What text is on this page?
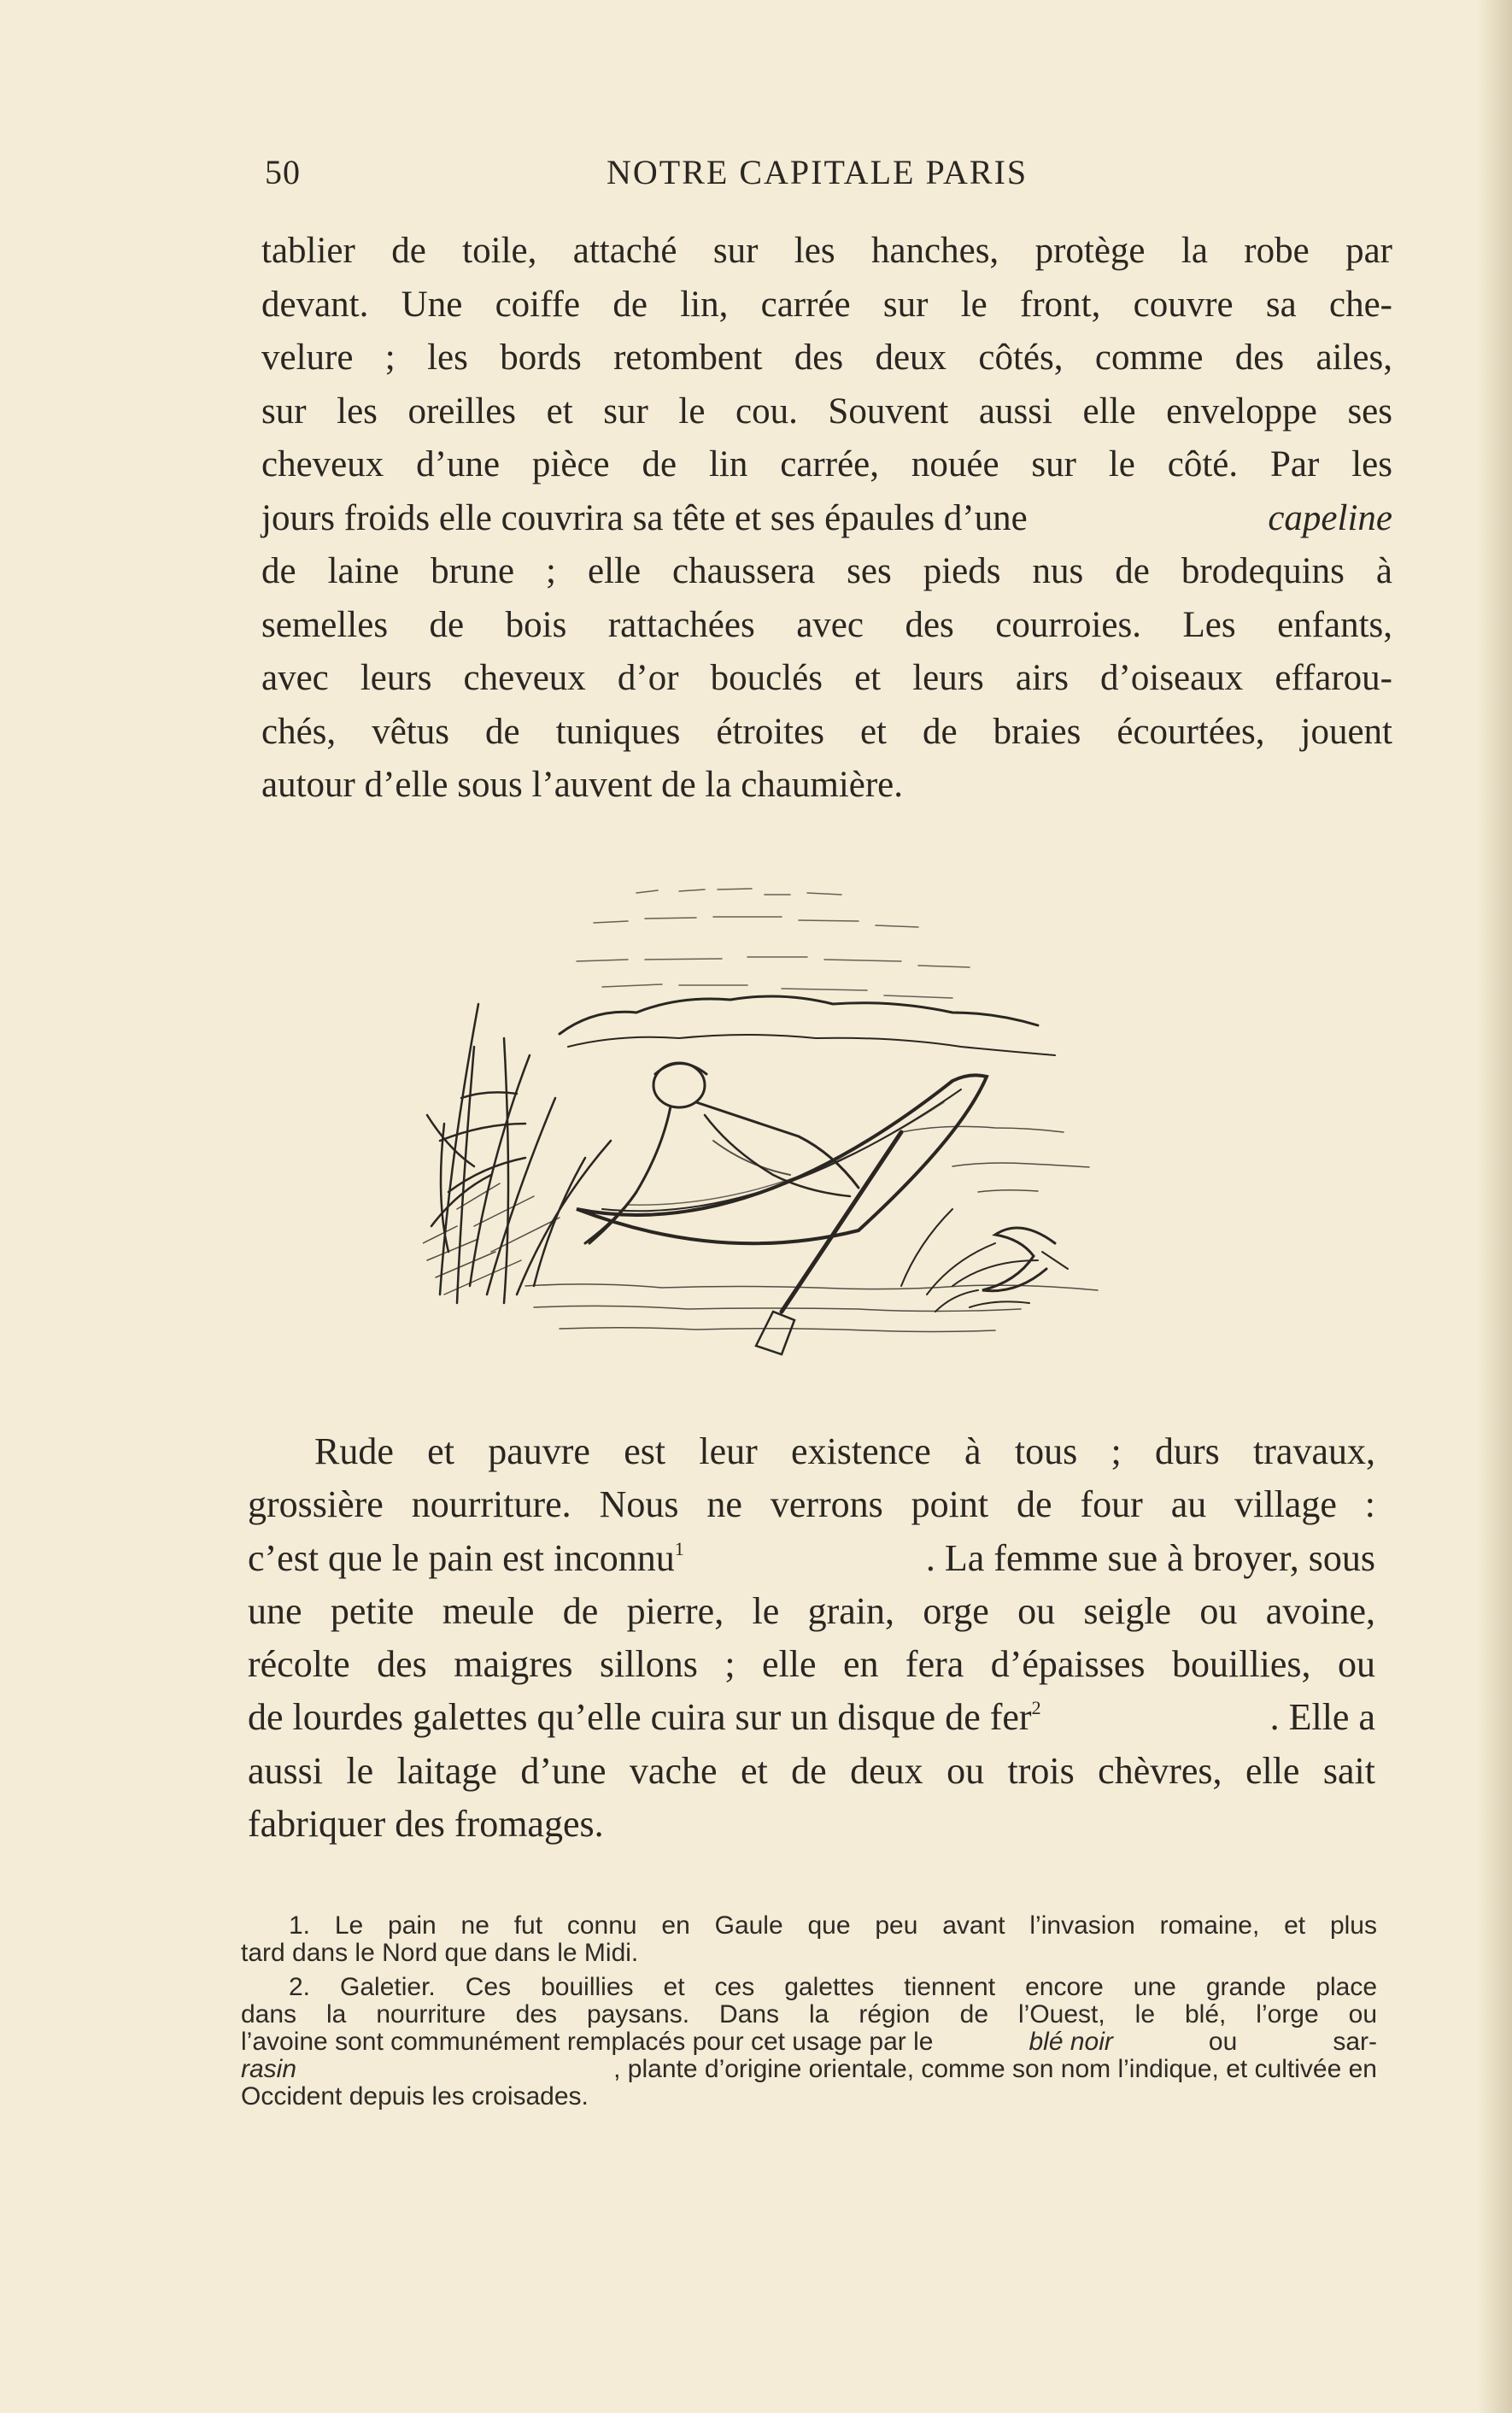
50	NOTRE CAPITALE PARIS
tablier de toile, attaché sur les hanches, protège la robe par
devant. Une coiffe de lin, carrée sur le front, couvre sa che-
velure ; les bords retombent des deux côtés, comme des ailes,
sur les oreilles et sur le cou. Souvent aussi elle enveloppe ses
cheveux d’une pièce de lin carrée, nouée sur le côté. Par les
jours froids elle couvrira sa tête et ses épaules d’une	capeline
de laine brune ; elle chaussera ses pieds nus de brodequins à
semelles de bois rattachées avec des courroies. Les enfants,
avec leurs cheveux d’or bouclés et leurs airs d’oiseaux effarou-
chés, vêtus de tuniques étroites et de braies écourtées, jouent
autour d’elle sous l’auvent de la chaumière.
Rude et pauvre est leur existence à tous ; durs travaux,
grossière nourriture. Nous ne verrons point de four au village :
c’est que le pain est inconnu$^1$	. La femme sue à broyer, sous
une petite meule de pierre, le grain, orge ou seigle ou avoine,
récolte des maigres sillons ; elle en fera d’épaisses bouillies, ou
de lourdes galettes qu’elle cuira sur un disque de fer$^2$	. Elle a
aussi le laitage d’une vache et de deux ou trois chèvres, elle sait
fabriquer des fromages.
1. Le pain ne fut connu en Gaule que peu avant l’invasion romaine, et plus
tard dans le Nord que dans le Midi.
2. Galetier. Ces bouillies et ces galettes tiennent encore une grande place
dans la nourriture des paysans. Dans la région de l’Ouest, le blé, l’orge ou
l’avoine sont communément remplacés pour cet usage par le	blé noir	ou	sar-
rasin	, plante d’origine orientale, comme son nom l’indique, et cultivée en
Occident depuis les croisades.
